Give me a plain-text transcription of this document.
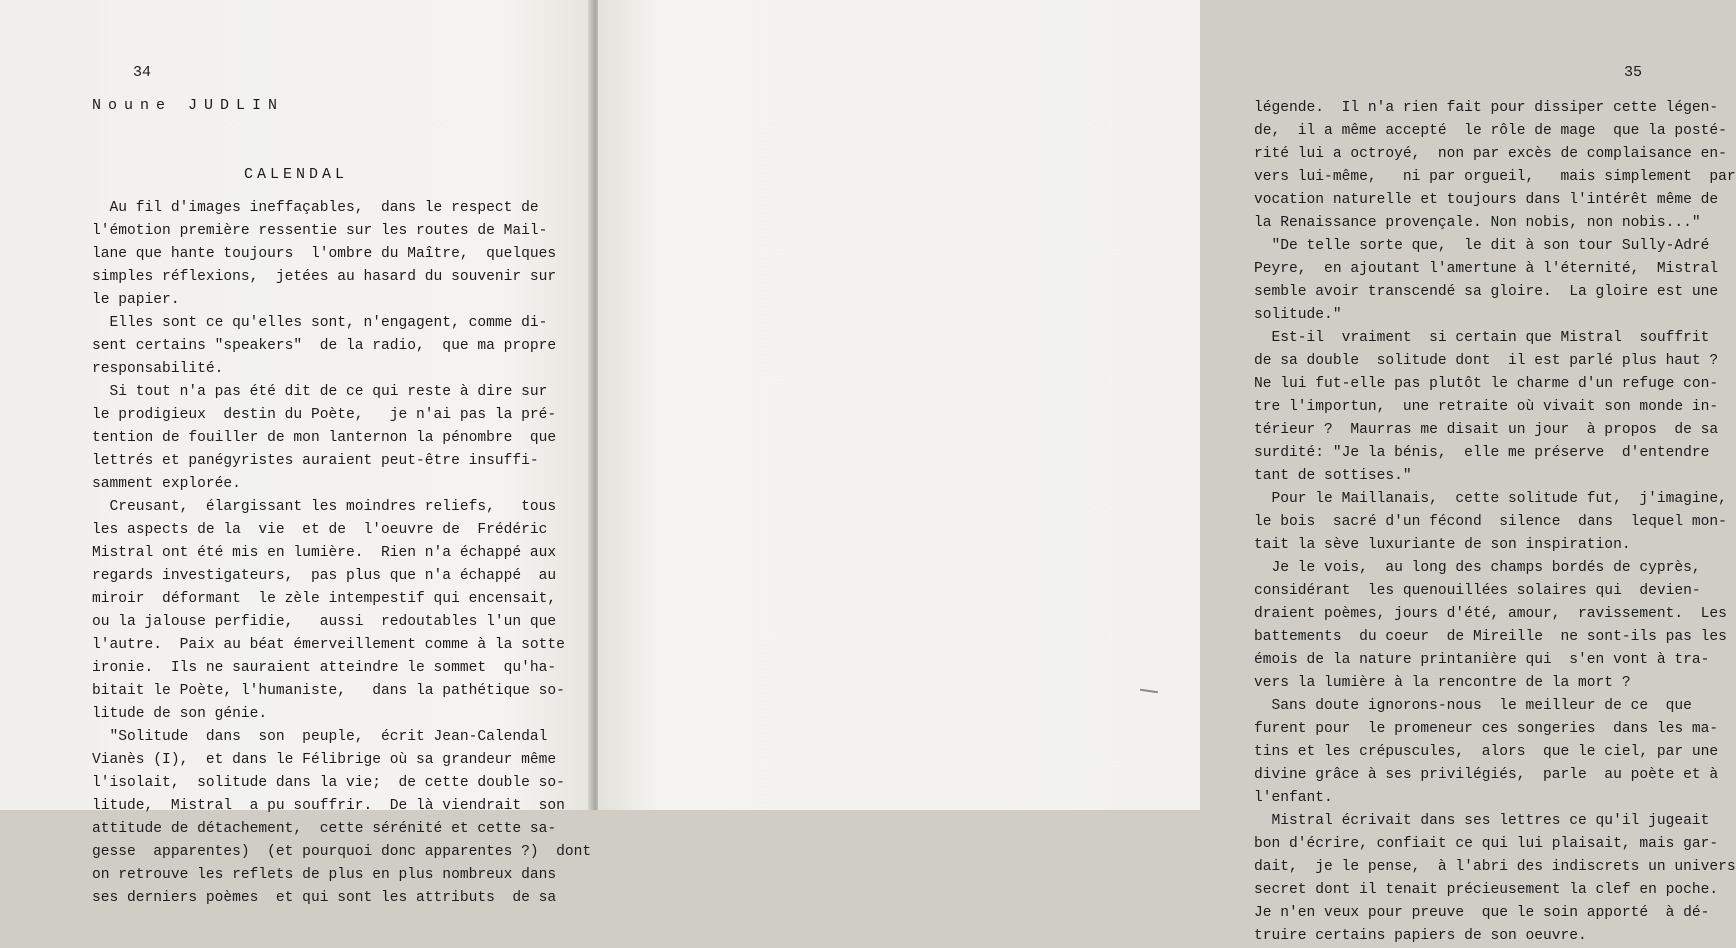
34
Noune JUDLIN
CALENDAL
Au fil d'images ineffaçables,  dans le respect de
l'émotion première ressentie sur les routes de Mail-
lane que hante toujours  l'ombre du Maître,  quelques
simples réflexions,  jetées au hasard du souvenir sur
le papier.
Elles sont ce qu'elles sont, n'engagent, comme di-
sent certains "speakers"  de la radio,  que ma propre
responsabilité.
Si tout n'a pas été dit de ce qui reste à dire sur
le prodigieux  destin du Poète,   je n'ai pas la pré-
tention de fouiller de mon lanternon la pénombre  que
lettrés et panégyristes auraient peut-être insuffi-
samment explorée.
Creusant,  élargissant les moindres reliefs,   tous
les aspects de la  vie  et de  l'oeuvre de  Frédéric
Mistral ont été mis en lumière.  Rien n'a échappé aux
regards investigateurs,  pas plus que n'a échappé  au
miroir  déformant  le zèle intempestif qui encensait,
ou la jalouse perfidie,   aussi  redoutables l'un que
l'autre.  Paix au béat émerveillement comme à la sotte
ironie.  Ils ne sauraient atteindre le sommet  qu'ha-
bitait le Poète, l'humaniste,   dans la pathétique so-
litude de son génie.
"Solitude  dans  son  peuple,  écrit Jean-Calendal
Vianès (I),  et dans le Félibrige où sa grandeur même
l'isolait,  solitude dans la vie;  de cette double so-
litude,  Mistral  a pu souffrir.  De là viendrait  son
attitude de détachement,  cette sérénité et cette sa-
gesse  apparentes)  (et pourquoi donc apparentes ?)  dont
on retrouve les reflets de plus en plus nombreux dans
ses derniers poèmes  et qui sont les attributs  de sa
35
légende.  Il n'a rien fait pour dissiper cette légen-
de,  il a même accepté  le rôle de mage  que la posté-
rité lui a octroyé,  non par excès de complaisance en-
vers lui-même,   ni par orgueil,   mais simplement  par
vocation naturelle et toujours dans l'intérêt même de
la Renaissance provençale. Non nobis, non nobis..."
"De telle sorte que,  le dit à son tour Sully-Adré
Peyre,  en ajoutant l'amertune à l'éternité,  Mistral
semble avoir transcendé sa gloire.  La gloire est une
solitude."
Est-il  vraiment  si certain que Mistral  souffrit
de sa double  solitude dont  il est parlé plus haut ?
Ne lui fut-elle pas plutôt le charme d'un refuge con-
tre l'importun,  une retraite où vivait son monde in-
térieur ?  Maurras me disait un jour  à propos  de sa
surdité: "Je la bénis,  elle me préserve  d'entendre
tant de sottises."
Pour le Maillanais,  cette solitude fut,  j'imagine,
le bois  sacré d'un fécond  silence  dans  lequel mon-
tait la sève luxuriante de son inspiration.
Je le vois,  au long des champs bordés de cyprès,
considérant  les quenouillées solaires qui  devien-
draient poèmes, jours d'été, amour,  ravissement.  Les
battements  du coeur  de Mireille  ne sont-ils pas les
émois de la nature printanière qui  s'en vont à tra-
vers la lumière à la rencontre de la mort ?
Sans doute ignorons-nous  le meilleur de ce  que
furent pour  le promeneur ces songeries  dans les ma-
tins et les crépuscules,  alors  que le ciel, par une
divine grâce à ses privilégiés,  parle  au poète et à
l'enfant.
Mistral écrivait dans ses lettres ce qu'il jugeait
bon d'écrire, confiait ce qui lui plaisait, mais gar-
dait,  je le pense,  à l'abri des indiscrets un univers
secret dont il tenait précieusement la clef en poche.
Je n'en veux pour preuve  que le soin apporté  à dé-
truire certains papiers de son oeuvre.
